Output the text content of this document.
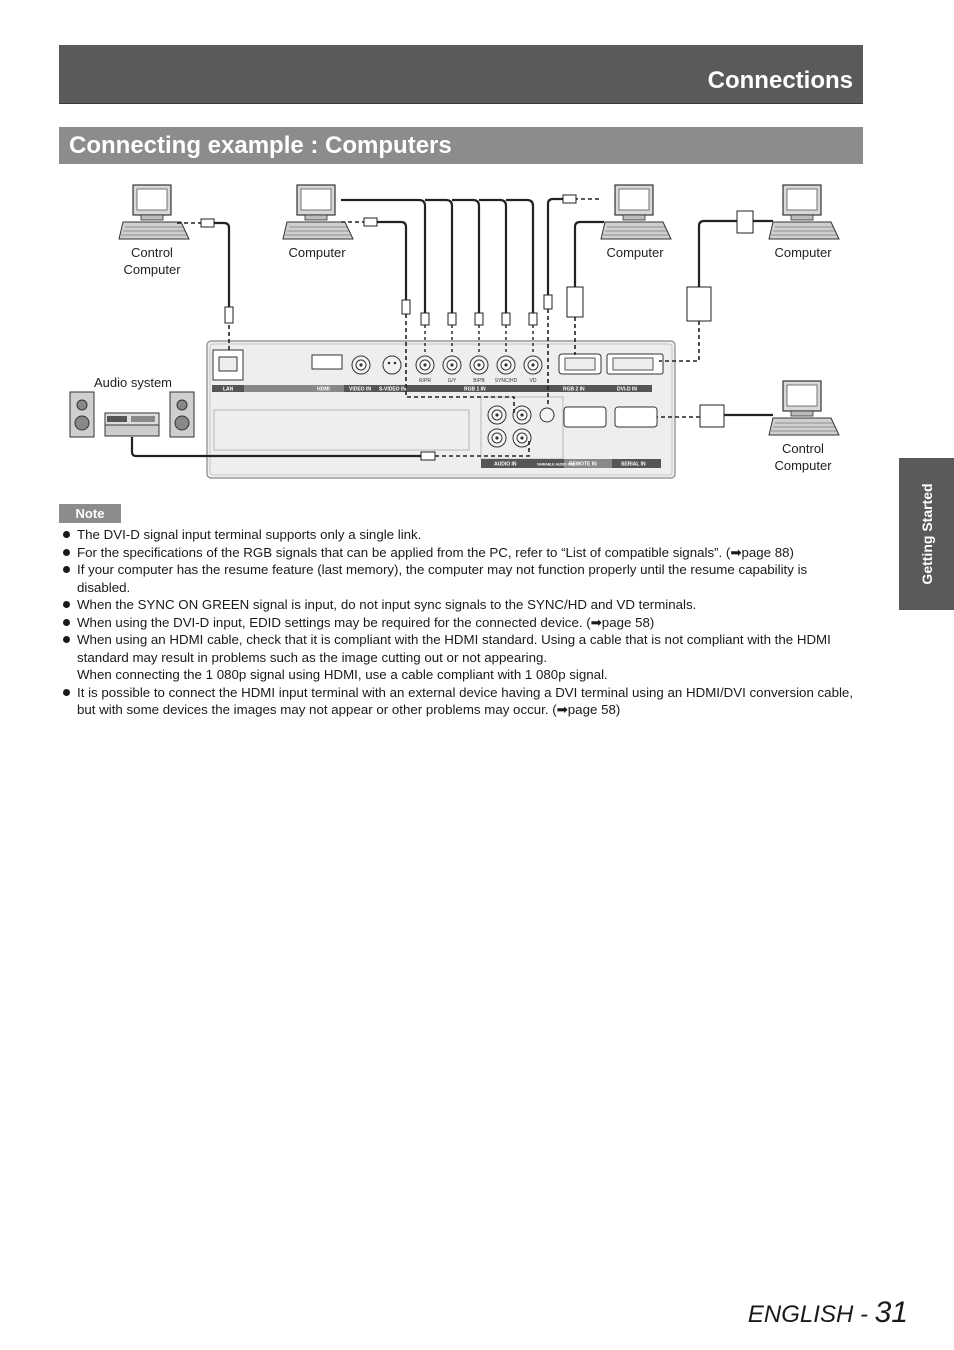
Connections
Connecting example : Computers
Control
Computer
Computer	Computer	Computer
Control
Computer
Audio system	LAN	HDMI	VIDEO IN S-VIDEO IN	RGB 1 IN	RGB 2 IN	DVI-D IN
R/PR	G/Y	B/PB SYNC/HD VD
AUDIO IN	VARIABLE AUDIO OUT
REMOTE IN	SERIAL IN
Note
The DVI-D signal input terminal supports only a single link.
For the specifications of the RGB signals that can be applied from the PC, refer to “List of compatible signals”. (➡page 88)
If your computer has the resume feature (last memory), the computer may not function properly until the resume capability is disabled.
When the SYNC ON GREEN signal is input, do not input sync signals to the SYNC/HD and VD terminals.
When using the DVI-D input, EDID settings may be required for the connected device. (➡page 58)
When using an HDMI cable, check that it is compliant with the HDMI standard. Using a cable that is not compliant with the HDMI standard may result in problems such as the image cutting out or not appearing.
When connecting the 1 080p signal using HDMI, use a cable compliant with 1 080p signal.
It is possible to connect the HDMI input terminal with an external device having a DVI terminal using an HDMI/DVI conversion cable, but with some devices the images may not appear or other problems may occur. (➡page 58)
Getting Started
ENGLISH - 31
